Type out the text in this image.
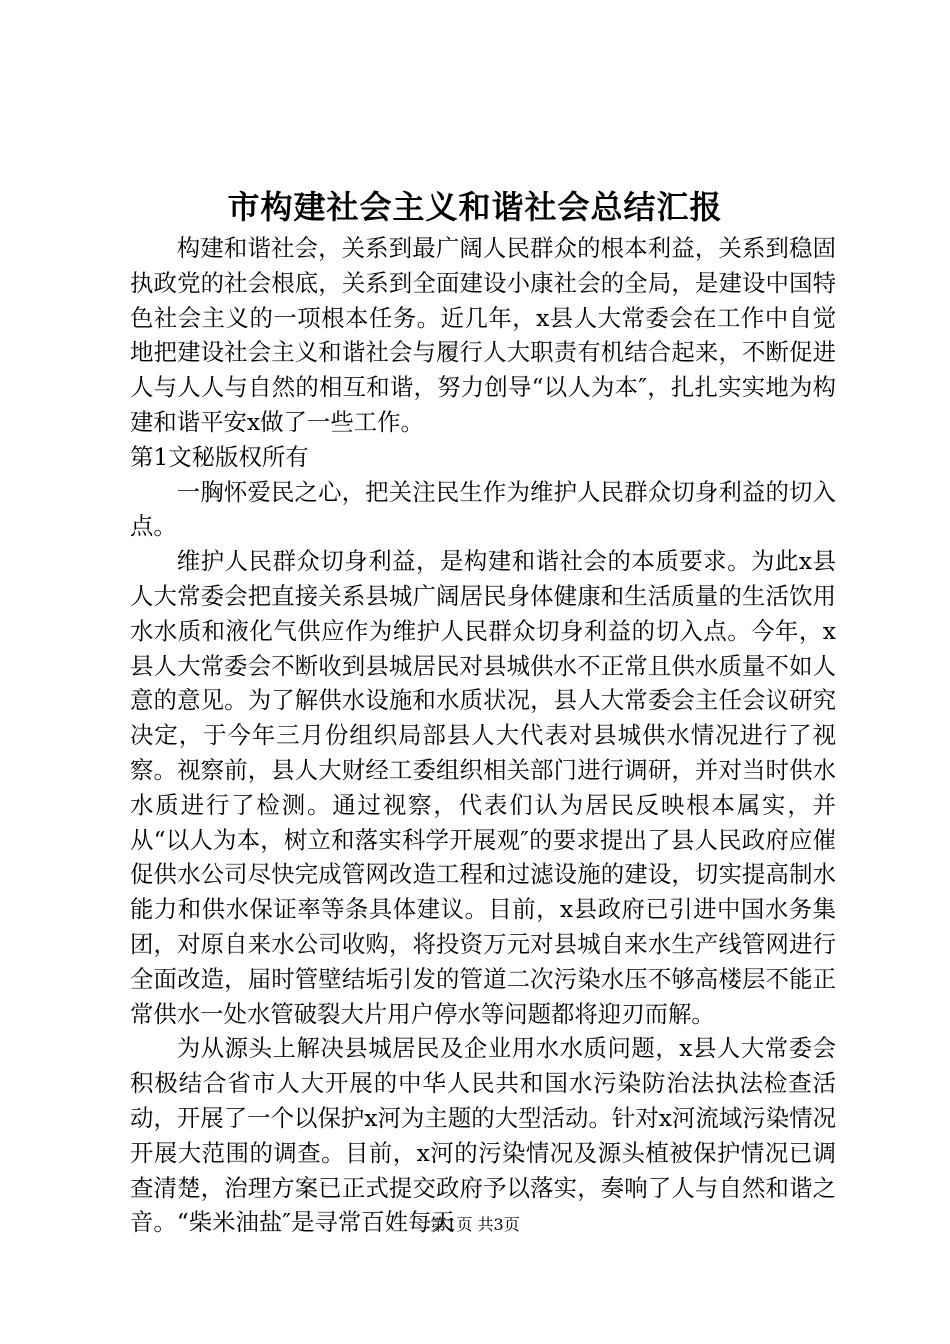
市构建社会主义和谐社会总结汇报

构建和谐社会，关系到最广阔人民群众的根本利益，关系到稳固执政党的社会根底，关系到全面建设小康社会的全局，是建设中国特色社会主义的一项根本任务。近几年，x县人大常委会在工作中自觉地把建设社会主义和谐社会与履行人大职责有机结合起来，不断促进人与人人与自然的相互和谐，努力创导“以人为本″，扎扎实实地为构建和谐平安x做了一些工作。

第1文秘版权所有

一胸怀爱民之心，把关注民生作为维护人民群众切身利益的切入点。

维护人民群众切身利益，是构建和谐社会的本质要求。为此x县人大常委会把直接关系县城广阔居民身体健康和生活质量的生活饮用水水质和液化气供应作为维护人民群众切身利益的切入点。今年，x县人大常委会不断收到县城居民对县城供水不正常且供水质量不如人意的意见。为了解供水设施和水质状况，县人大常委会主任会议研究决定，于今年三月份组织局部县人大代表对县城供水情况进行了视察。视察前，县人大财经工委组织相关部门进行调研，并对当时供水水质进行了检测。通过视察，代表们认为居民反映根本属实，并从“以人为本，树立和落实科学开展观″的要求提出了县人民政府应催促供水公司尽快完成管网改造工程和过滤设施的建设，切实提高制水能力和供水保证率等条具体建议。目前，x县政府已引进中国水务集团，对原自来水公司收购，将投资万元对县城自来水生产线管网进行全面改造，届时管壁结垢引发的管道二次污染水压不够高楼层不能正常供水一处水管破裂大片用户停水等问题都将迎刃而解。

为从源头上解决县城居民及企业用水水质问题，x县人大常委会积极结合省市人大开展的中华人民共和国水污染防治法执法检查活动，开展了一个以保护x河为主题的大型活动。针对x河流域污染情况开展大范围的调查。目前，x河的污染情况及源头植被保护情况已调查清楚，治理方案已正式提交政府予以落实，奏响了人与自然和谐之音。“柴米油盐″是寻常百姓每天

第1页 共3页
